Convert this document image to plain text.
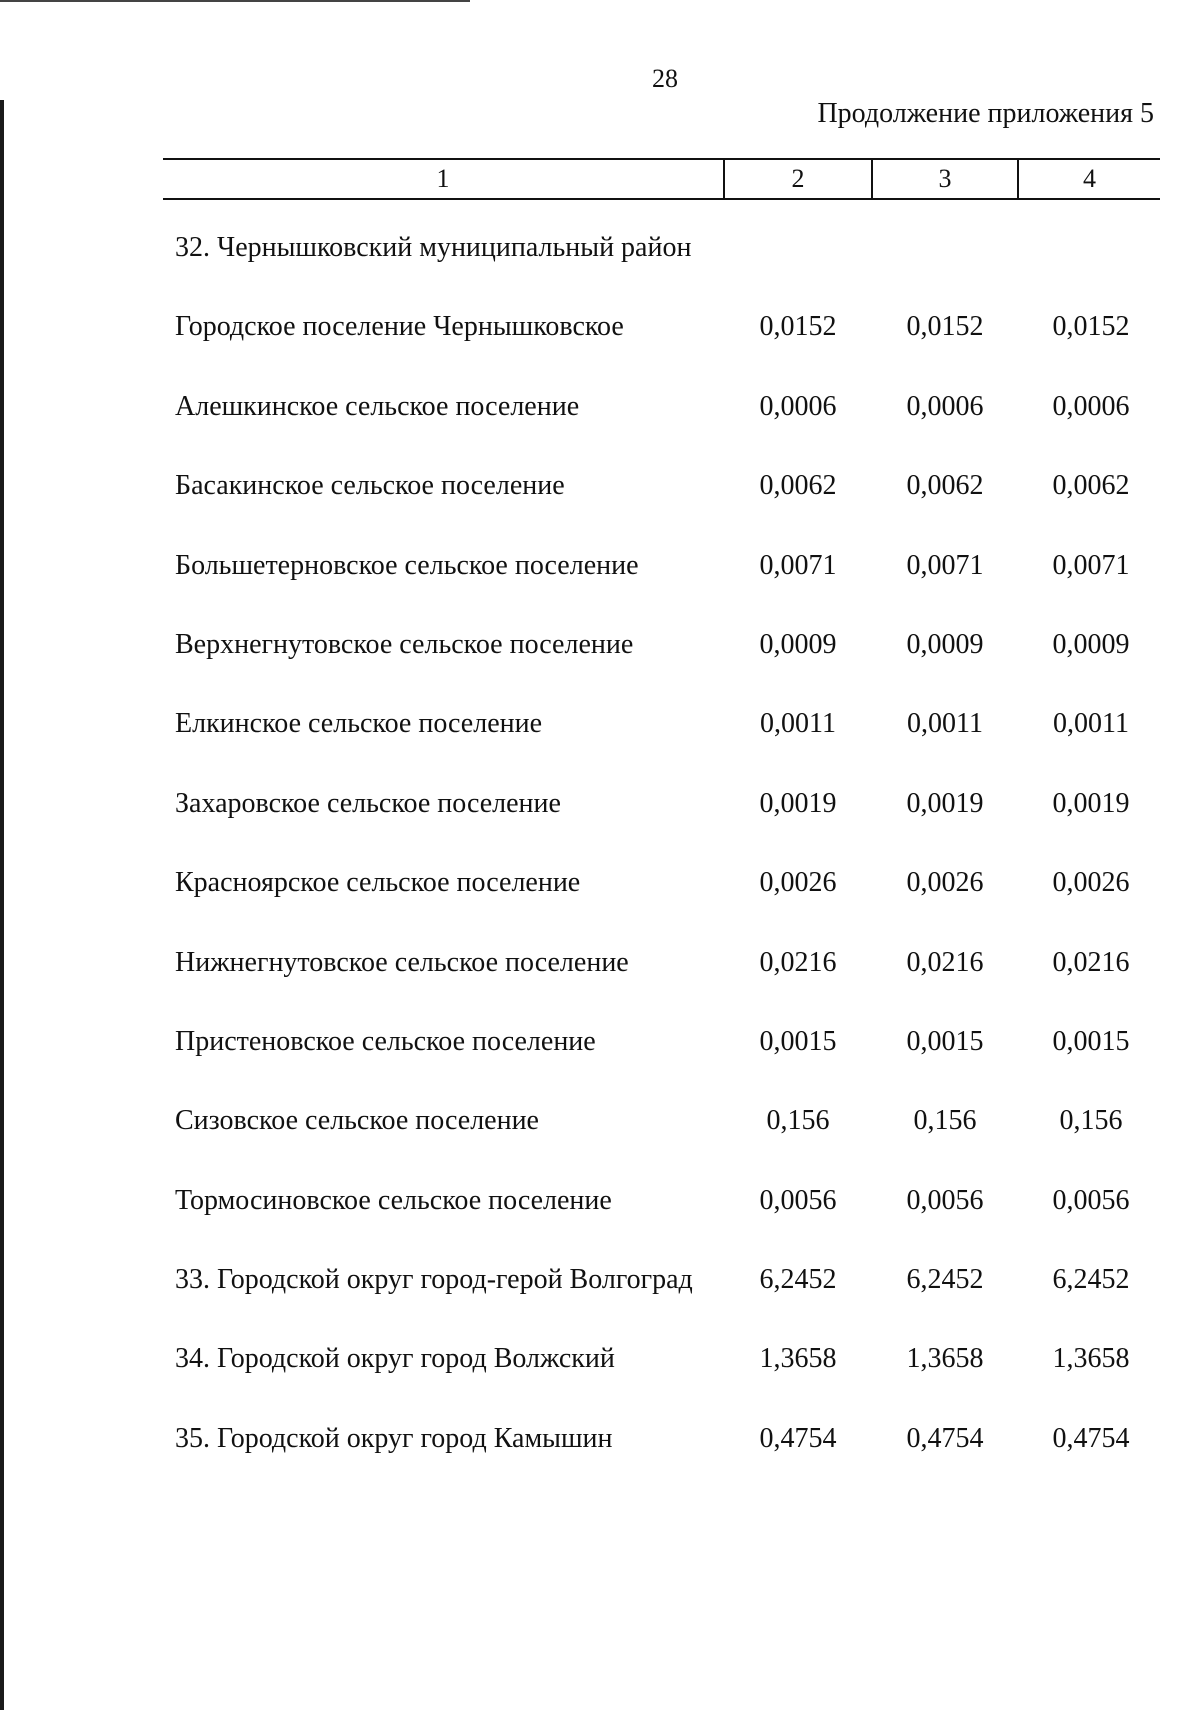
28
Продолжение приложения 5
1	2	3	4
32. Чернышковский муниципальный район
Городское поселение Чернышковское	0,0152	0,0152	0,0152
Алешкинское сельское поселение	0,0006	0,0006	0,0006
Басакинское сельское поселение	0,0062	0,0062	0,0062
Большетерновское сельское поселение	0,0071	0,0071	0,0071
Верхнегнутовское сельское поселение	0,0009	0,0009	0,0009
Елкинское сельское поселение	0,0011	0,0011	0,0011
Захаровское сельское поселение	0,0019	0,0019	0,0019
Красноярское сельское поселение	0,0026	0,0026	0,0026
Нижнегнутовское сельское поселение	0,0216	0,0216	0,0216
Пристеновское сельское поселение	0,0015	0,0015	0,0015
Сизовское сельское поселение	0,156	0,156	0,156
Тормосиновское сельское поселение	0,0056	0,0056	0,0056
33. Городской округ город-герой Волгоград	6,2452	6,2452	6,2452
34. Городской округ город Волжский	1,3658	1,3658	1,3658
35. Городской округ город Камышин	0,4754	0,4754	0,4754
